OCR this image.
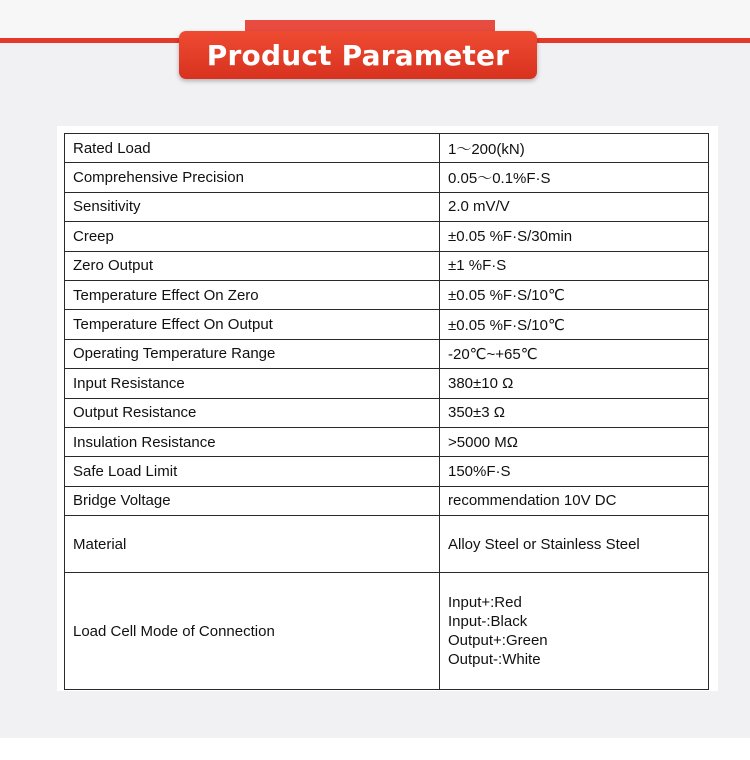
Product Parameter
Rated Load	1～200(kN)
Comprehensive Precision	0.05～0.1%F·S
Sensitivity	2.0 mV/V
Creep	±0.05 %F·S/30min
Zero Output	±1 %F·S
Temperature Effect On Zero	±0.05 %F·S/10℃
Temperature Effect On Output	±0.05 %F·S/10℃
Operating Temperature Range	-20℃~+65℃
Input Resistance	380±10 Ω
Output Resistance	350±3 Ω
Insulation Resistance	>5000 MΩ
Safe Load Limit	150%F·S
Bridge Voltage	recommendation 10V DC
Material	Alloy Steel or Stainless Steel
Load Cell Mode of Connection	Input+:Red
Input-:Black
Output+:Green
Output-:White
